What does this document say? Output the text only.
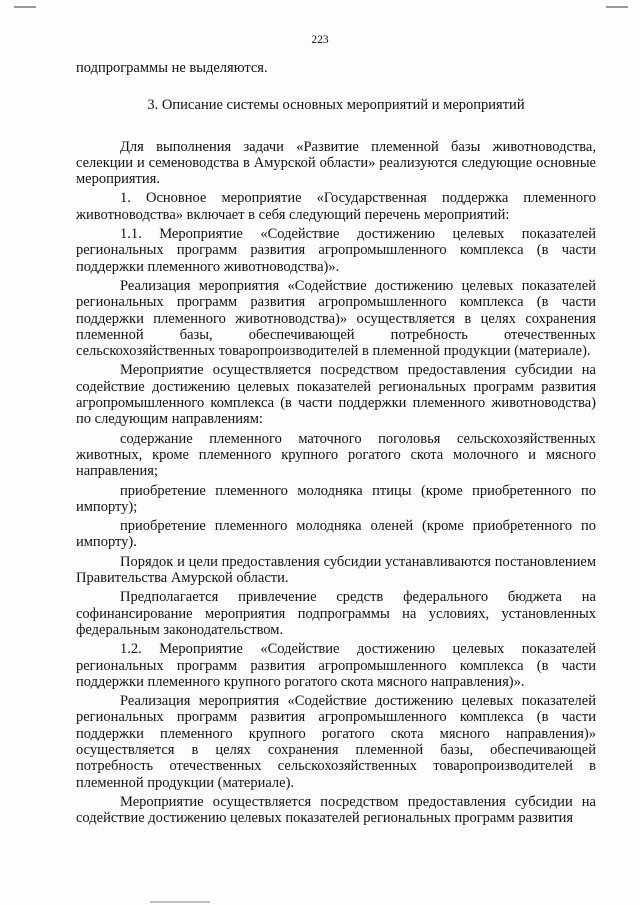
223

подпрограммы не выделяются.

3. Описание системы основных мероприятий и мероприятий

Для выполнения задачи «Развитие племенной базы животноводства, селекции и семеноводства в Амурской области» реализуются следующие основные мероприятия.

1. Основное мероприятие «Государственная поддержка племенного животноводства» включает в себя следующий перечень мероприятий:

1.1. Мероприятие «Содействие достижению целевых показателей региональных программ развития агропромышленного комплекса (в части поддержки племенного животноводства)».

Реализация мероприятия «Содействие достижению целевых показателей региональных программ развития агропромышленного комплекса (в части поддержки племенного животноводства)» осуществляется в целях сохранения племенной базы, обеспечивающей потребность отечественных сельскохозяйственных товаропроизводителей в племенной продукции (материале).

Мероприятие осуществляется посредством предоставления субсидии на содействие достижению целевых показателей региональных программ развития агропромышленного комплекса (в части поддержки племенного животноводства) по следующим направлениям:

содержание племенного маточного поголовья сельскохозяйственных животных, кроме племенного крупного рогатого скота молочного и мясного направления;

приобретение племенного молодняка птицы (кроме приобретенного по импорту);

приобретение племенного молодняка оленей (кроме приобретенного по импорту).

Порядок и цели предоставления субсидии устанавливаются постановлением Правительства Амурской области.

Предполагается привлечение средств федерального бюджета на софинансирование мероприятия подпрограммы на условиях, установленных федеральным законодательством.

1.2. Мероприятие «Содействие достижению целевых показателей региональных программ развития агропромышленного комплекса (в части поддержки племенного крупного рогатого скота мясного направления)».

Реализация мероприятия «Содействие достижению целевых показателей региональных программ развития агропромышленного комплекса (в части поддержки племенного крупного рогатого скота мясного направления)» осуществляется в целях сохранения племенной базы, обеспечивающей потребность отечественных сельскохозяйственных товаропроизводителей в племенной продукции (материале).

Мероприятие осуществляется посредством предоставления субсидии на содействие достижению целевых показателей региональных программ развития
